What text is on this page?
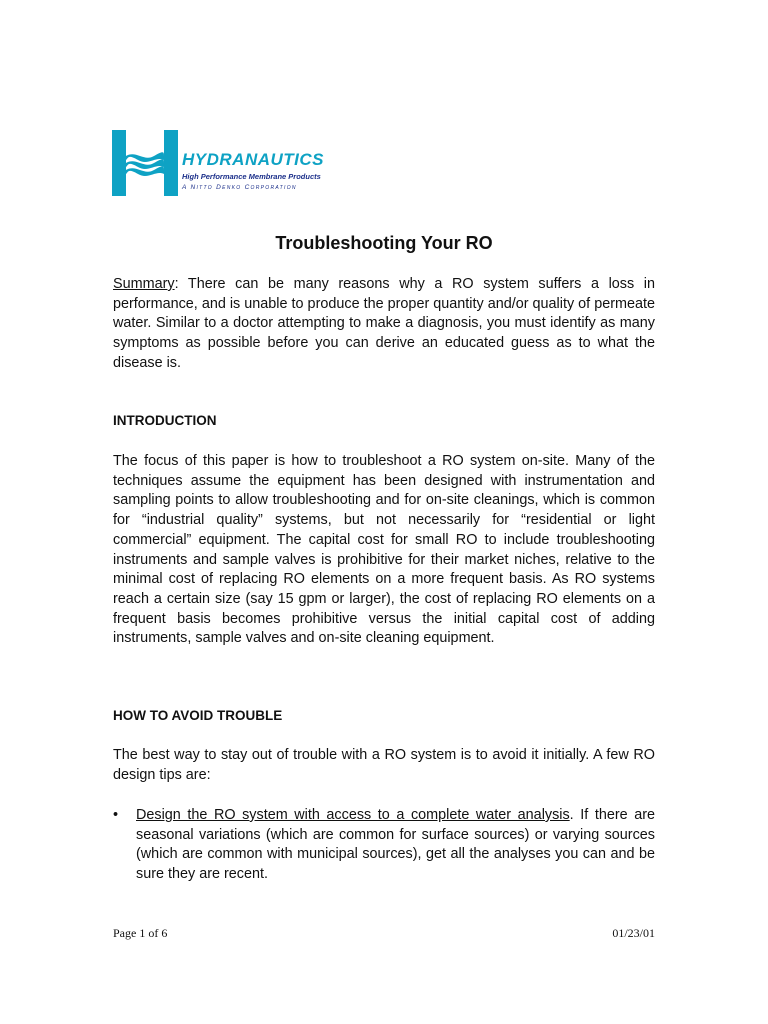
HYDRANAUTICS
High Performance Membrane Products
A Nitto Denko Corporation
Troubleshooting Your RO

Summary: There can be many reasons why a RO system suffers a loss in performance, and is unable to produce the proper quantity and/or quality of permeate water. Similar to a doctor attempting to make a diagnosis, you must identify as many symptoms as possible before you can derive an educated guess as to what the disease is.

INTRODUCTION

The focus of this paper is how to troubleshoot a RO system on-site. Many of the techniques assume the equipment has been designed with instrumentation and sampling points to allow troubleshooting and for on-site cleanings, which is common for “industrial quality” systems, but not necessarily for “residential or light commercial” equipment. The capital cost for small RO to include troubleshooting instruments and sample valves is prohibitive for their market niches, relative to the minimal cost of replacing RO elements on a more frequent basis. As RO systems reach a certain size (say 15 gpm or larger), the cost of replacing RO elements on a frequent basis becomes prohibitive versus the initial capital cost of adding instruments, sample valves and on-site cleaning equipment.

HOW TO AVOID TROUBLE

The best way to stay out of trouble with a RO system is to avoid it initially. A few RO design tips are:

• Design the RO system with access to a complete water analysis. If there are seasonal variations (which are common for surface sources) or varying sources (which are common with municipal sources), get all the analyses you can and be sure they are recent.

Page 1 of 6	01/23/01
